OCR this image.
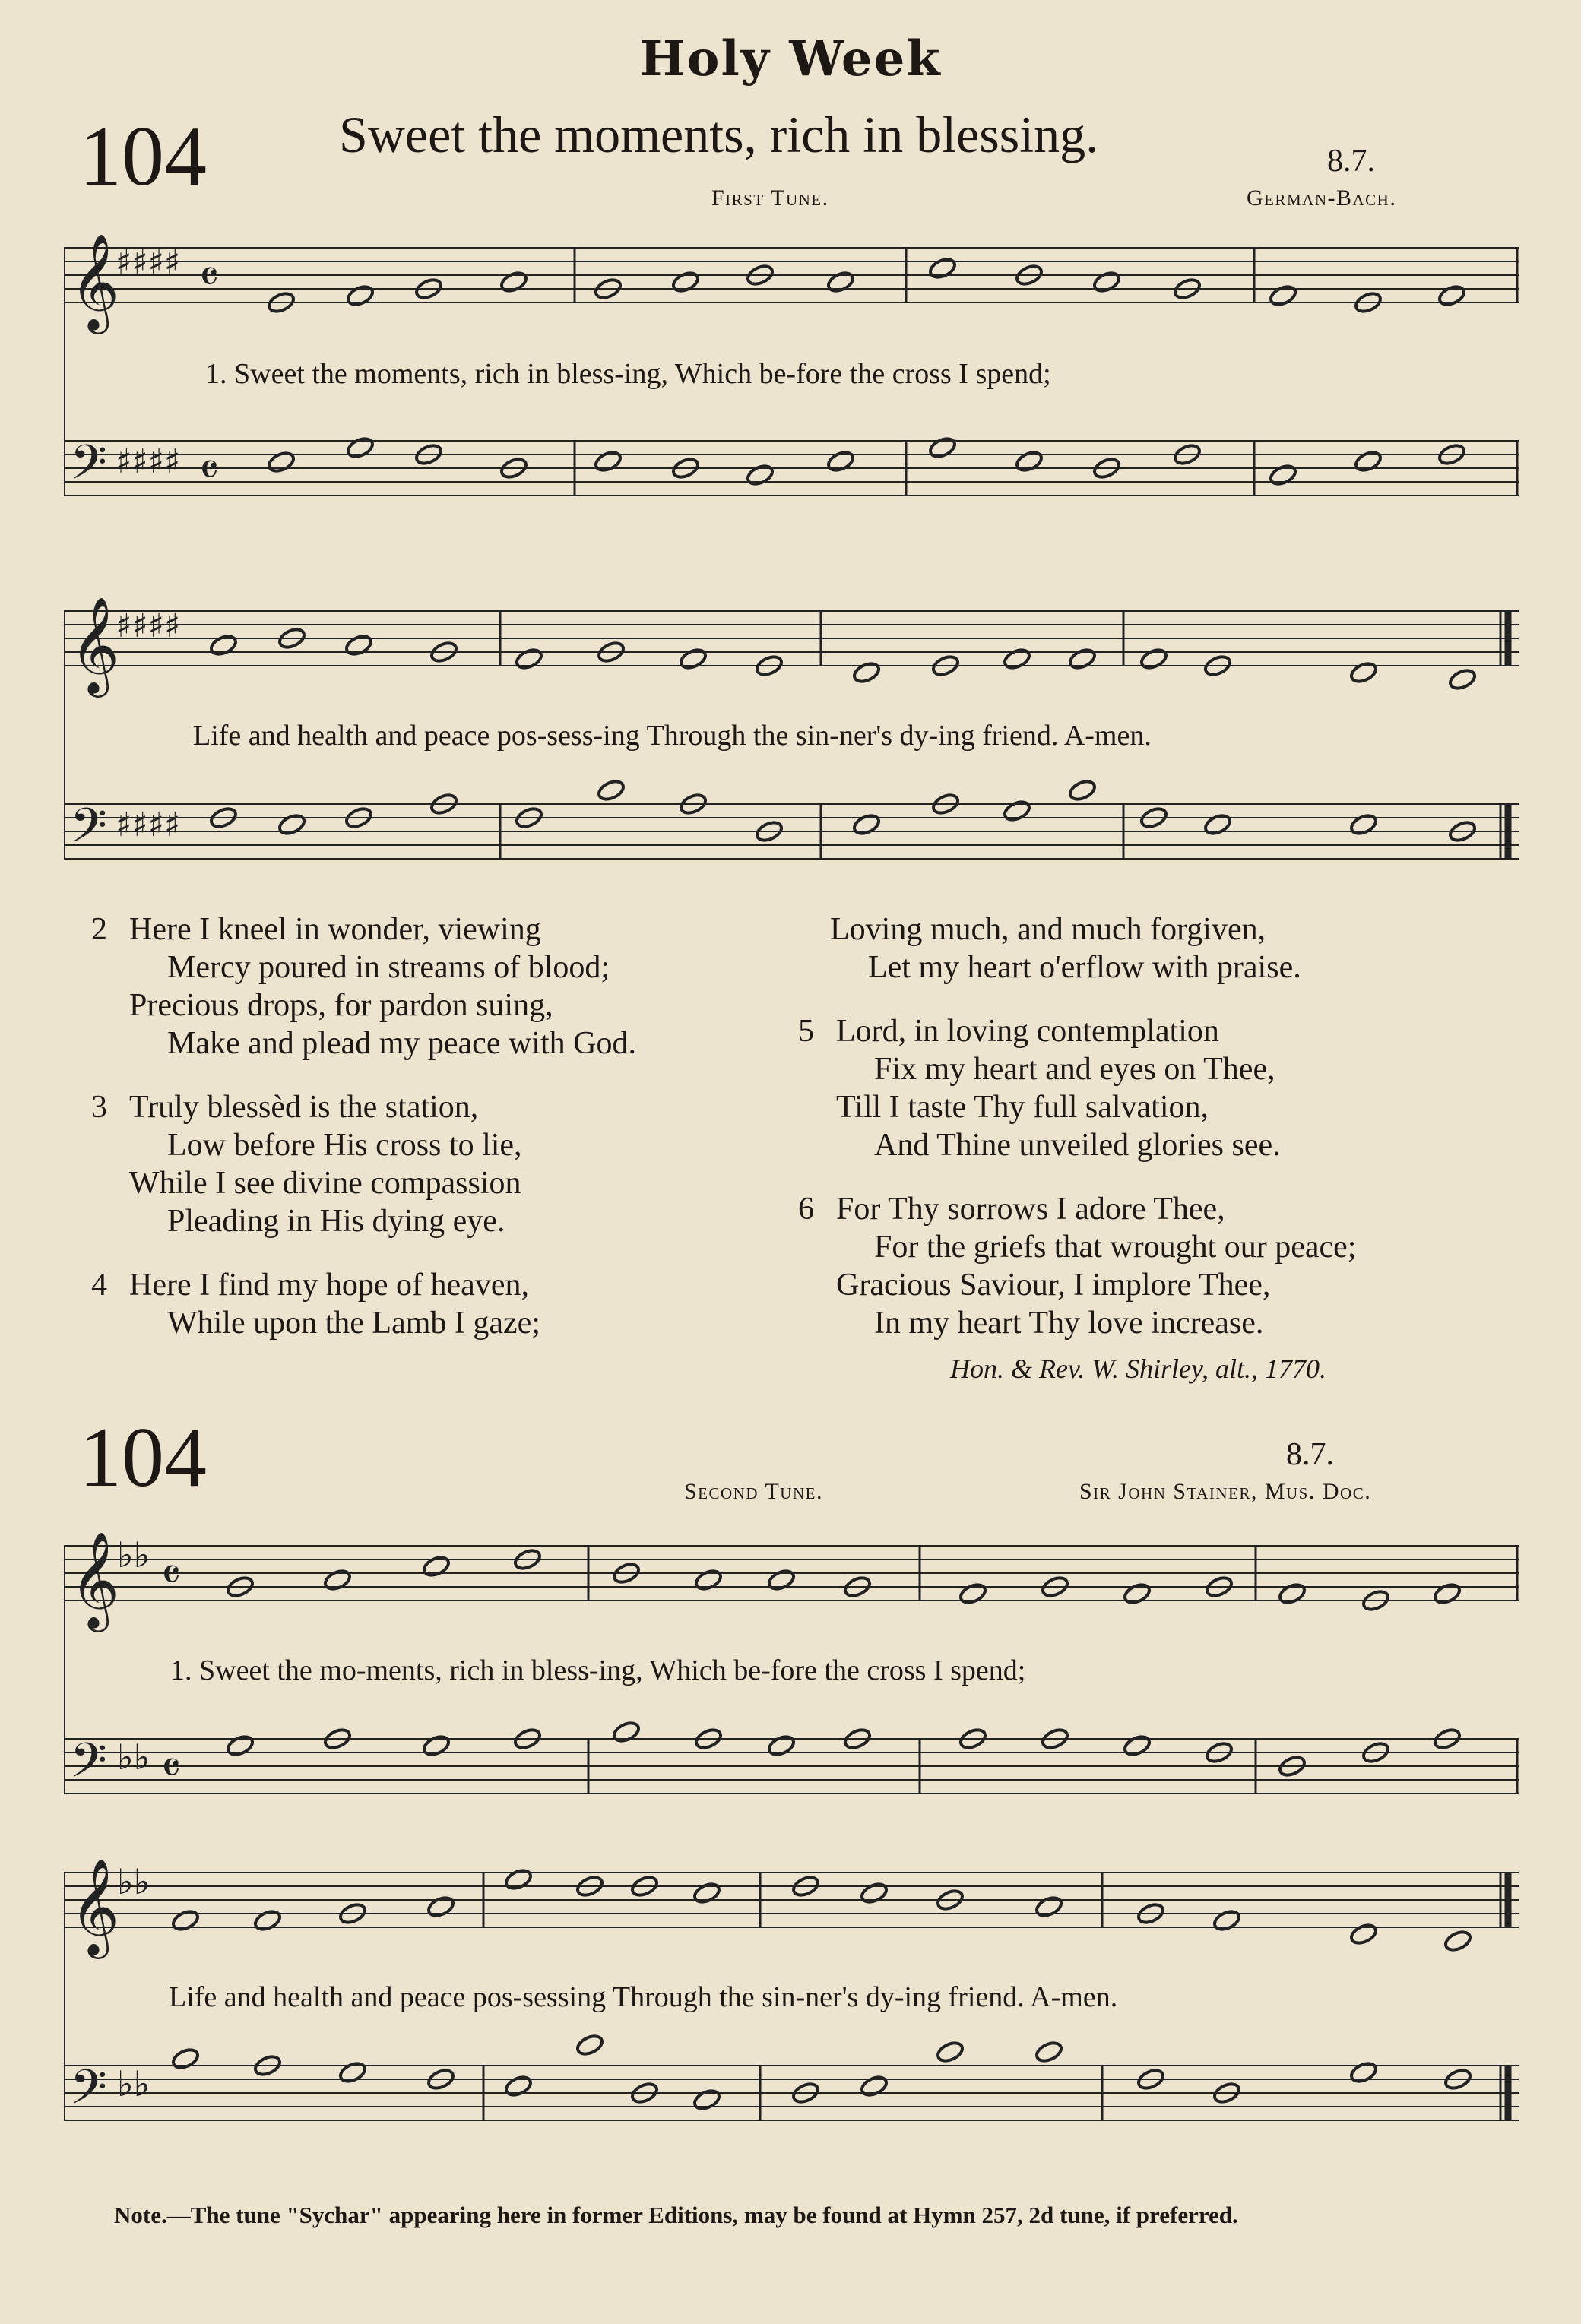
Holy Week
104	Sweet the moments, rich in blessing.	8.7.
First Tune.	German-Bach.
𝄞
♯♯♯♯ 𝄴
𝄢 ♯♯♯♯ 𝄴
1. Sweet the moments, rich in bless-ing, Which be-fore the cross I spend;
𝄞
♯♯♯♯
𝄢 ♯♯♯♯
Life and health and peace pos-sess-ing Through the sin-ner's dy-ing friend. A-men.
2 Here I kneel in wonder, viewing
Mercy poured in streams of blood;
Precious drops, for pardon suing,
Make and plead my peace with God.
3 Truly blessèd is the station,
Low before His cross to lie,
While I see divine compassion
Pleading in His dying eye.
4 Here I find my hope of heaven,
While upon the Lamb I gaze;
Loving much, and much forgiven,
Let my heart o'erflow with praise.
5 Lord, in loving contemplation
Fix my heart and eyes on Thee,
Till I taste Thy full salvation,
And Thine unveiled glories see.
6 For Thy sorrows I adore Thee,
For the griefs that wrought our peace;
Gracious Saviour, I implore Thee,
In my heart Thy love increase.
Hon. & Rev. W. Shirley, alt., 1770.
104	8.7.
Second Tune.	Sir John Stainer, Mus. Doc.
𝄞
♭♭ 𝄴
𝄢 ♭♭ 𝄴
1. Sweet the mo-ments, rich in bless-ing, Which be-fore the cross I spend;
𝄞
♭♭
𝄢 ♭♭
Life and health and peace pos-sessing Through the sin-ner's dy-ing friend. A-men.
Note.—The tune "Sychar" appearing here in former Editions, may be found at Hymn 257, 2d tune, if preferred.
